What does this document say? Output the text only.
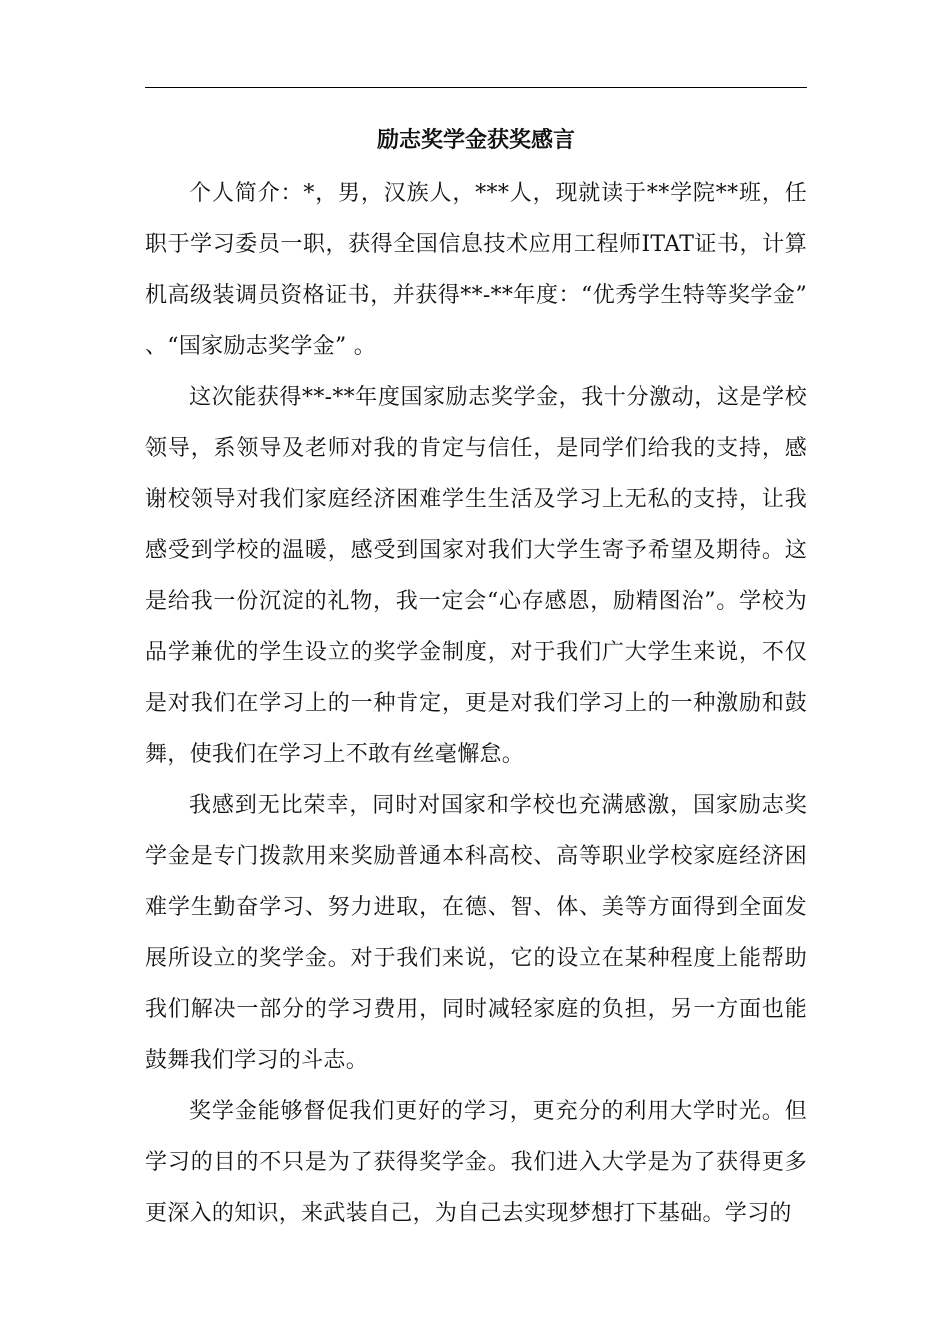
励志奖学金获奖感言

个人简介：*，男，汉族人，***人，现就读于**学院**班，任职于学习委员一职，获得全国信息技术应用工程师ITAT证书，计算机高级装调员资格证书，并获得**-**年度：“优秀学生特等奖学金” 、“国家励志奖学金” 。

这次能获得**-**年度国家励志奖学金，我十分激动，这是学校领导，系领导及老师对我的肯定与信任，是同学们给我的支持，感谢校领导对我们家庭经济困难学生生活及学习上无私的支持，让我感受到学校的温暖，感受到国家对我们大学生寄予希望及期待。这是给我一份沉淀的礼物，我一定会“心存感恩，励精图治”。学校为品学兼优的学生设立的奖学金制度，对于我们广大学生来说，不仅是对我们在学习上的一种肯定，更是对我们学习上的一种激励和鼓舞，使我们在学习上不敢有丝毫懈怠。

我感到无比荣幸，同时对国家和学校也充满感激，国家励志奖学金是专门拨款用来奖励普通本科高校、高等职业学校家庭经济困难学生勤奋学习、努力进取，在德、智、体、美等方面得到全面发展所设立的奖学金。对于我们来说，它的设立在某种程度上能帮助我们解决一部分的学习费用，同时减轻家庭的负担，另一方面也能鼓舞我们学习的斗志。

奖学金能够督促我们更好的学习，更充分的利用大学时光。但学习的目的不只是为了获得奖学金。我们进入大学是为了获得更多更深入的知识，来武装自己，为自己去实现梦想打下基础。学习的
